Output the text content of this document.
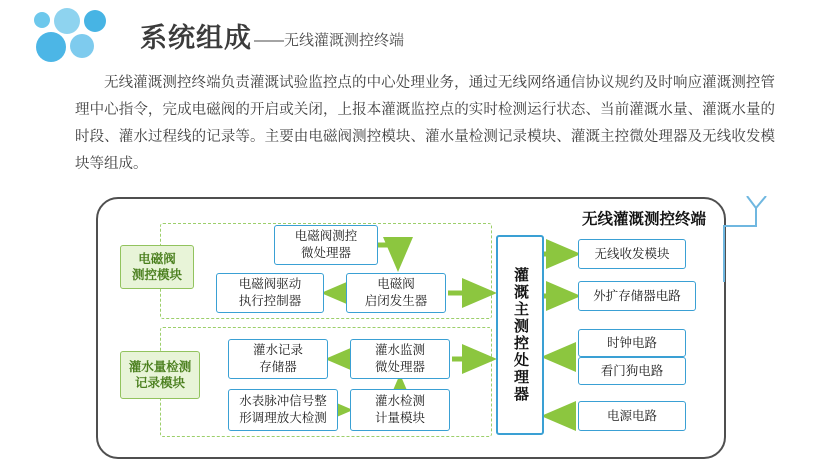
系统组成 ——无线灌溉测控终端
无线灌溉测控终端负责灌溉试验监控点的中心处理业务，通过无线网络通信协议规约及时响应灌溉测控管理中心指令，完成电磁阀的开启或关闭，上报本灌溉监控点的实时检测运行状态、当前灌溉水量、灌溉水量的时段、灌水过程线的记录等。主要由电磁阀测控模块、灌水量检测记录模块、灌溉主控微处理器及无线收发模块等组成。
无线灌溉测控终端
电磁阀
测控模块
灌水量检测
记录模块
电磁阀测控
微处理器
电磁阀驱动
执行控制器
电磁阀
启闭发生器
灌水记录
存储器
灌水监测
微处理器
水表脉冲信号整
形调理放大检测
灌水检测
计量模块
灌溉主测控处理器
无线收发模块
外扩存储器电路
时钟电路
看门狗电路
电源电路
